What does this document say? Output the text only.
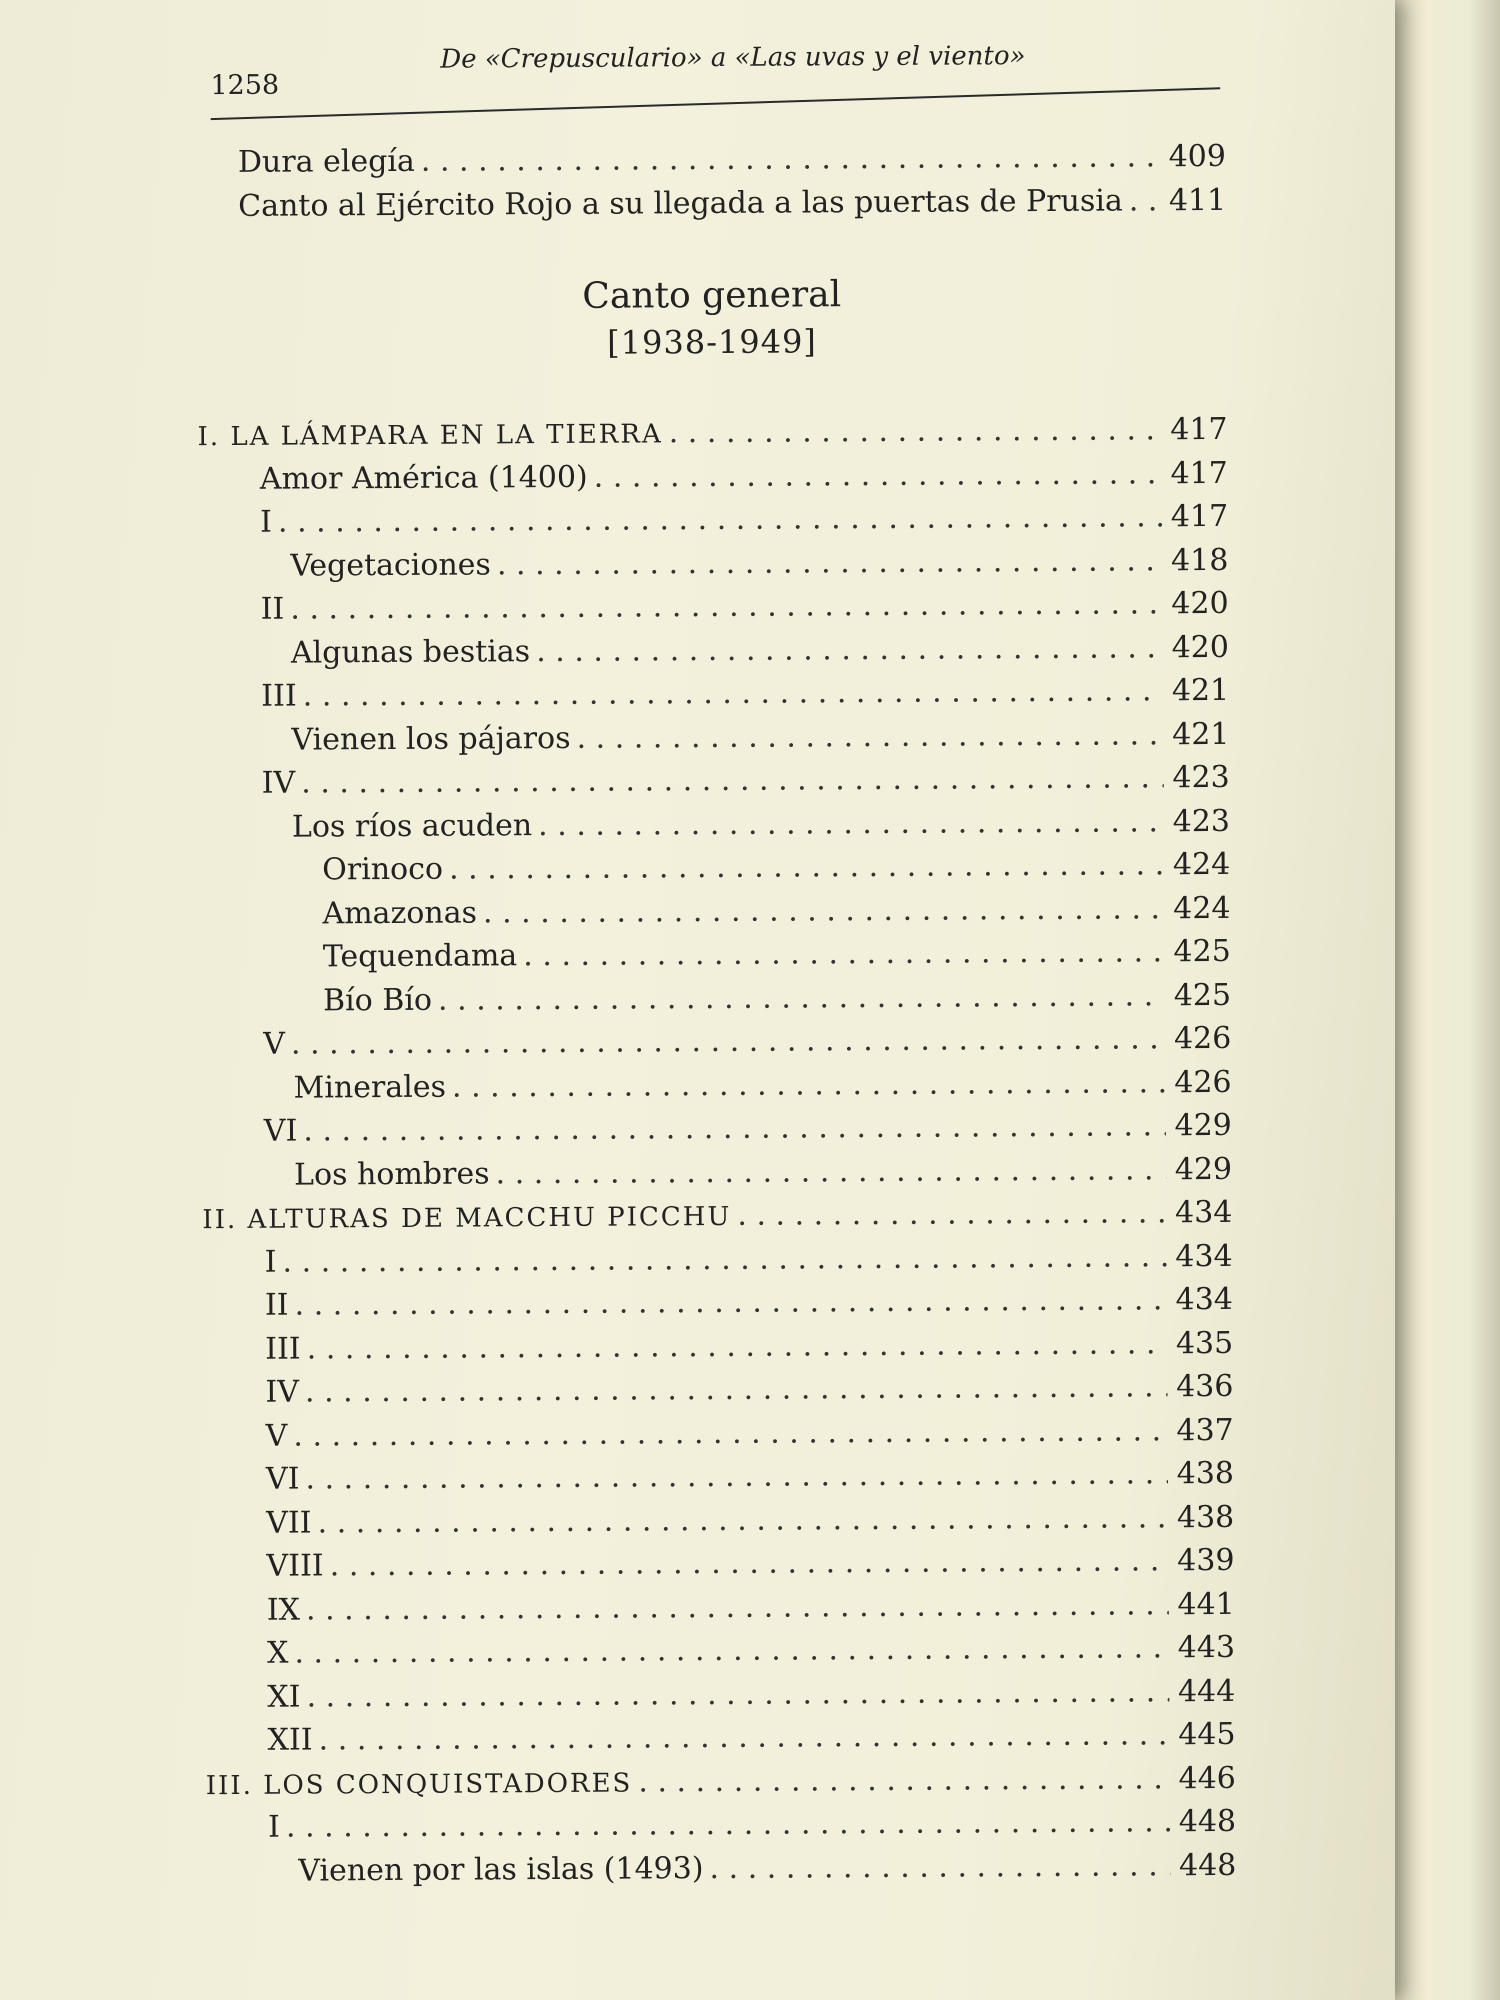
1258
De «Crepusculario» a «Las uvas y el viento»
Dura elegía . . .	409
Canto al Ejército Rojo a su llegada a las puertas de Prusia . . . 411
Canto general
[1938-1949]
I. LA LÁMPARA EN LA TIERRA . . .	417
Amor América (1400) . . .	417
I . . .	417
Vegetaciones . . .	418
II . . .	420
Algunas bestias . . .	420
III . . .	421
Vienen los pájaros . . .	421
IV . . .	423
Los ríos acuden . . .	423
Orinoco . . .	424
Amazonas . . .	424
Tequendama . . .	425
Bío Bío . . .	425
V . . .	426
Minerales . . .	426
VI . . .	429
Los hombres . . .	429
II. ALTURAS DE MACCHU PICCHU . . .	434
I . . .	434
II . . .	434
III . . .	435
IV . . .	436
V . . .	437
VI . . .	438
VII . . .	438
VIII . . .	439
IX . . .	441
X . . .	443
XI . . .	444
XII . . .	445
III. LOS CONQUISTADORES . . .	446
I . . .	448
Vienen por las islas (1493) . . .	448
